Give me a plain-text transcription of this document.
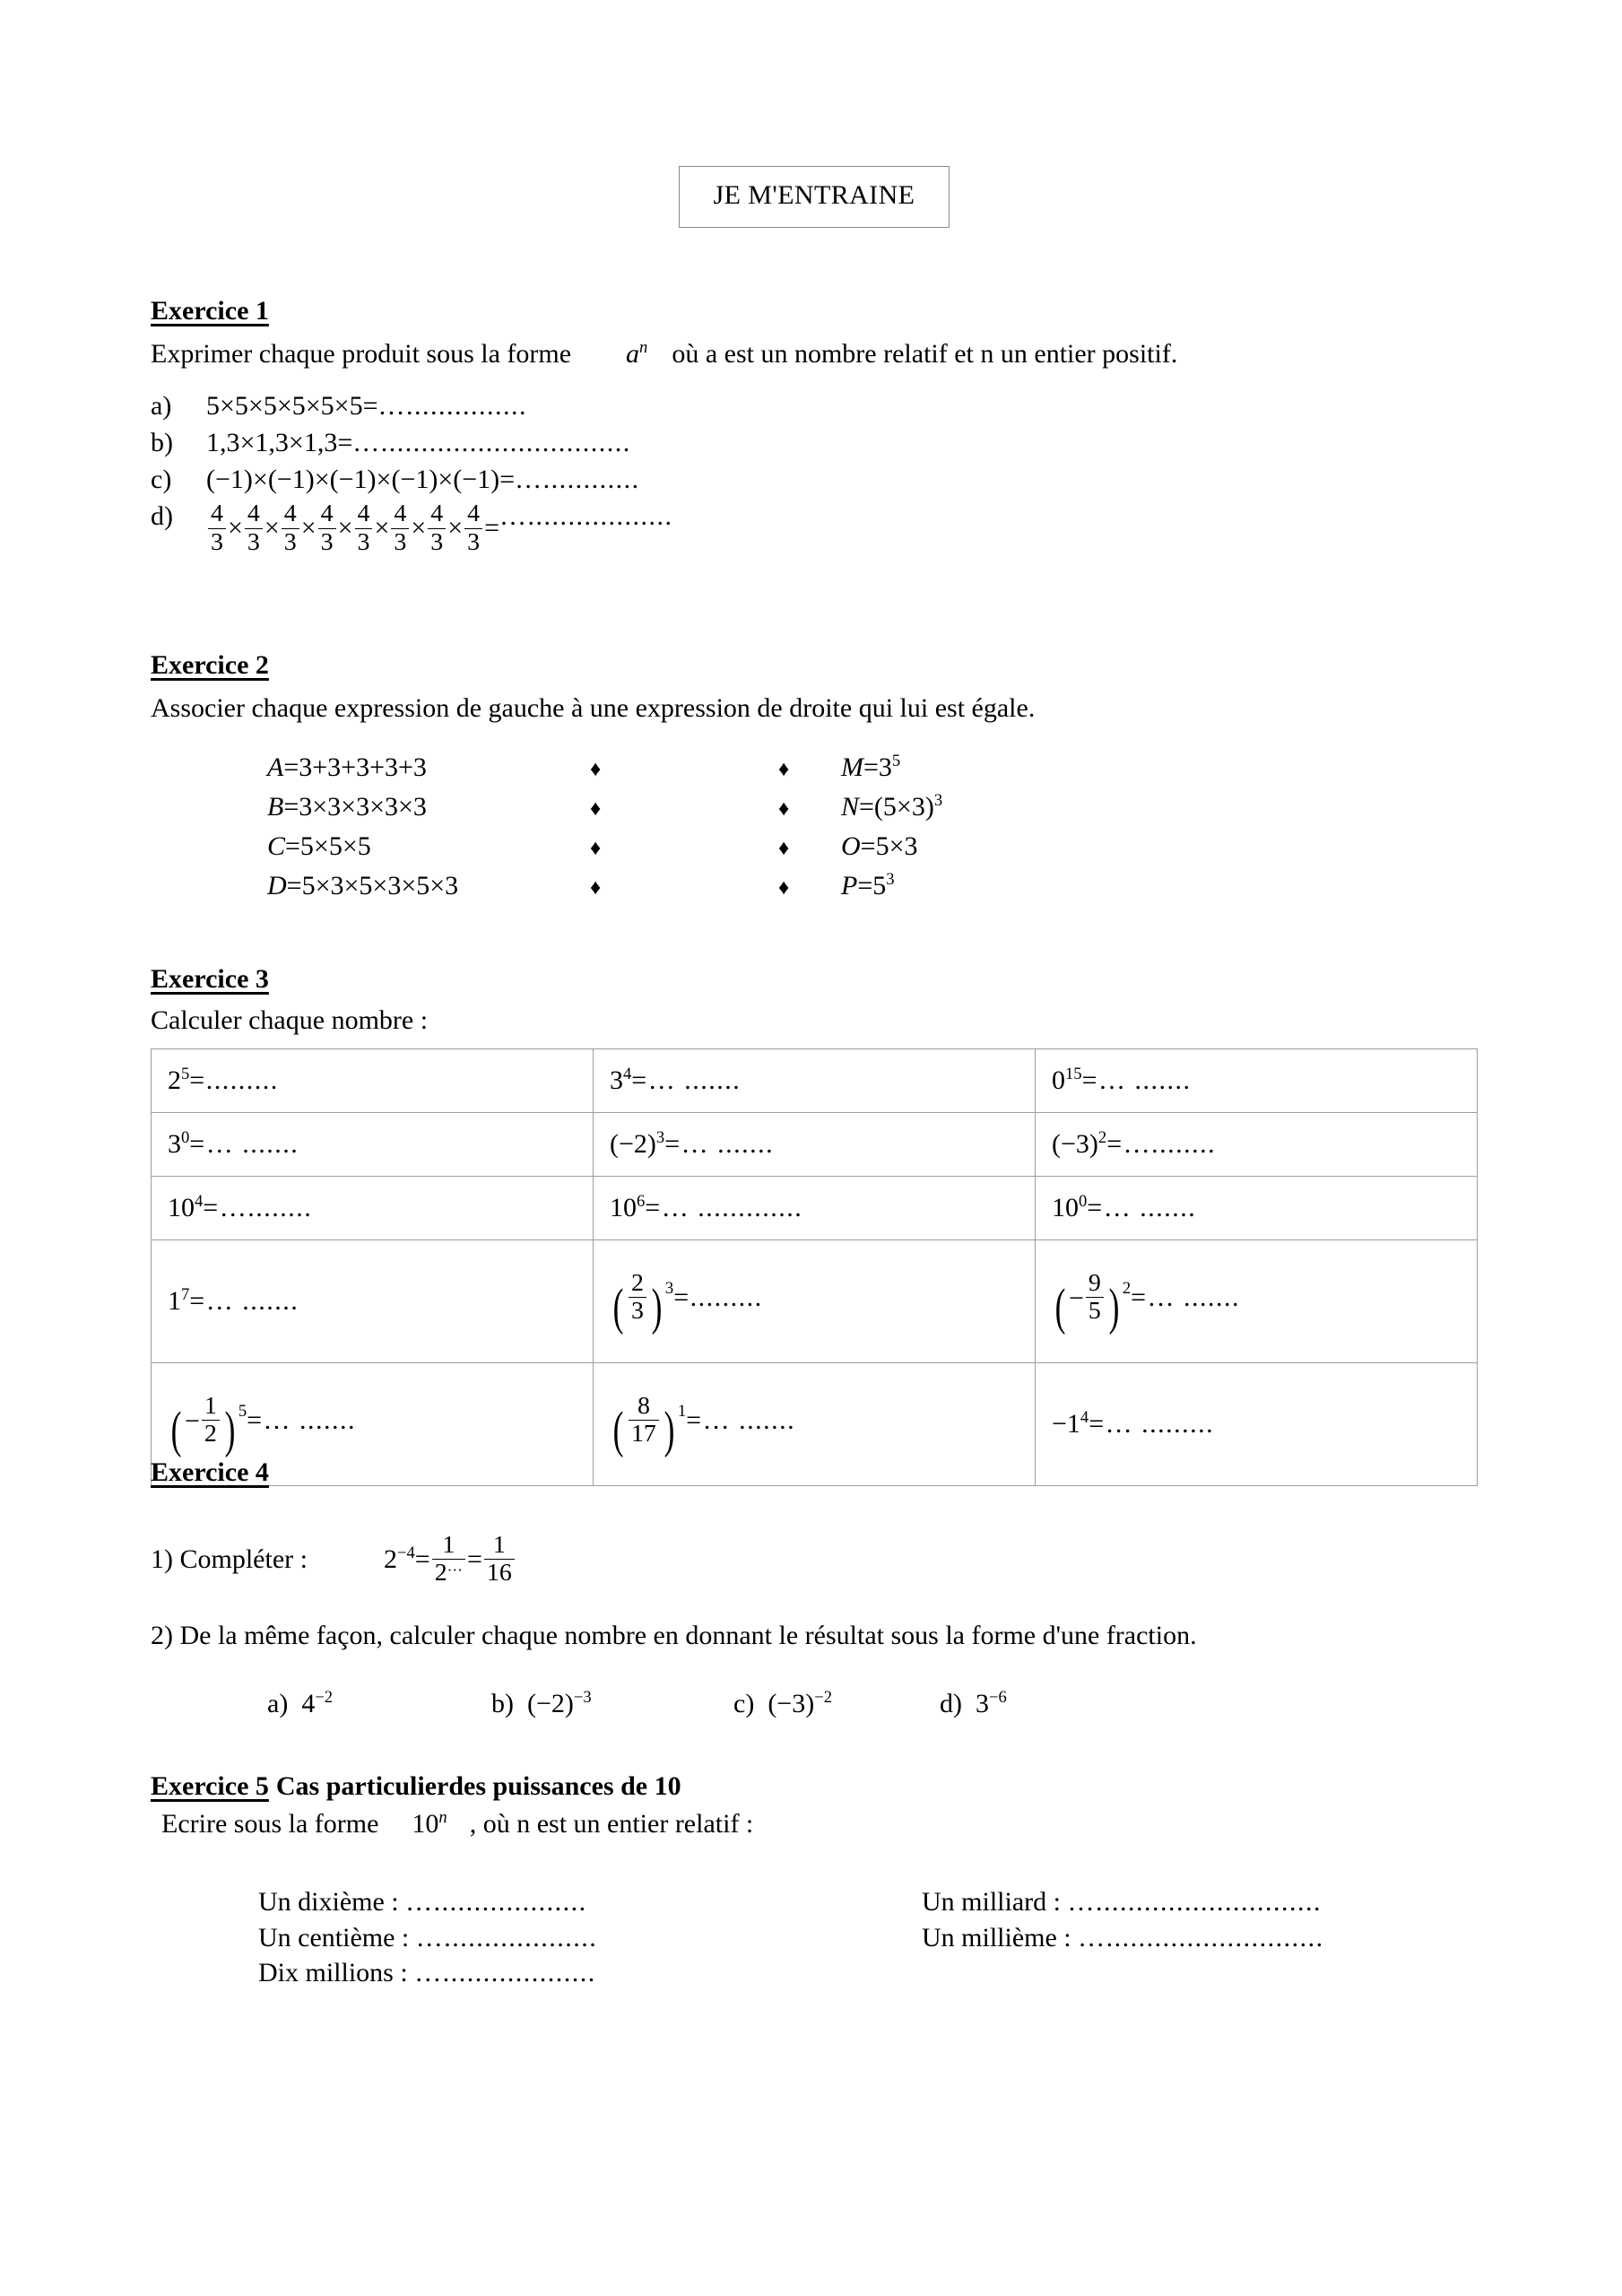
JE M'ENTRAINE
Exercice 1
Exprimer chaque produit sous la forme $a^n$ où a est un nombre relatif et n un entier positif.
a)	5×5×5×5×5×5= …...............
b)	1,3×1,3×1,3= …...............................
c)	(−1)×(−1)×(−1)×(−1)×(−1)= …............
d)	$\frac{4}{3} \times \frac{4}{3} \times \frac{4}{3} \times \frac{4}{3} \times \frac{4}{3} \times \frac{4}{3} \times \frac{4}{3} \times \frac{4}{3}$ = …..................
Exercice 2
Associer chaque expression de gauche à une expression de droite qui lui est égale.
A=3+3+3+3+3	♦	♦	$M=3^5$
B=3×3×3×3×3	♦	♦	$N=(5\times 3)^3$
C=5×5×5	♦	♦	O=5×3
D=5×3×5×3×5×3	♦	♦	$P=5^3$
Exercice 3
Calculer chaque nombre :
$2^5=$.........	$3^4=\dots$ .......	$0^{15}=\dots$ .......
$3^0=\dots$ .......	$(-2)^3=\dots$ .......	$(-3)^2=\dots$........
$10^4=\dots$........	$10^6=\dots$ .............	$10^0=\dots$ .......
$1^7=\dots$ .......	( $\frac{2}{3}$ ) 3=.........	( − $\frac{9}{5}$ ) 2=… .......
( − $\frac{1}{2}$ ) 5=… .......	( $\frac{8}{17}$ ) 1=… .......	$-1^4=\dots$ .........
Exercice 4
1) Compléter :	$2^{-4}= \frac{1}{2^\dots} = \frac{1}{16}$
2) De la même façon, calculer chaque nombre en donnant le résultat sous la forme d'une fraction.
a) $4^{-2}$	b) $(-2)^{-3}$	c) $(-3)^{-2}$	d) $3^{-6}$
Exercice 5 Cas particulierdes puissances de 10
Ecrire sous la forme 10$^n$ , où n est un entier relatif :
Un dixième : …...................
Un centième : …...................
Dix millions : …...................
Un milliard : …............................
Un millième : …...........................
